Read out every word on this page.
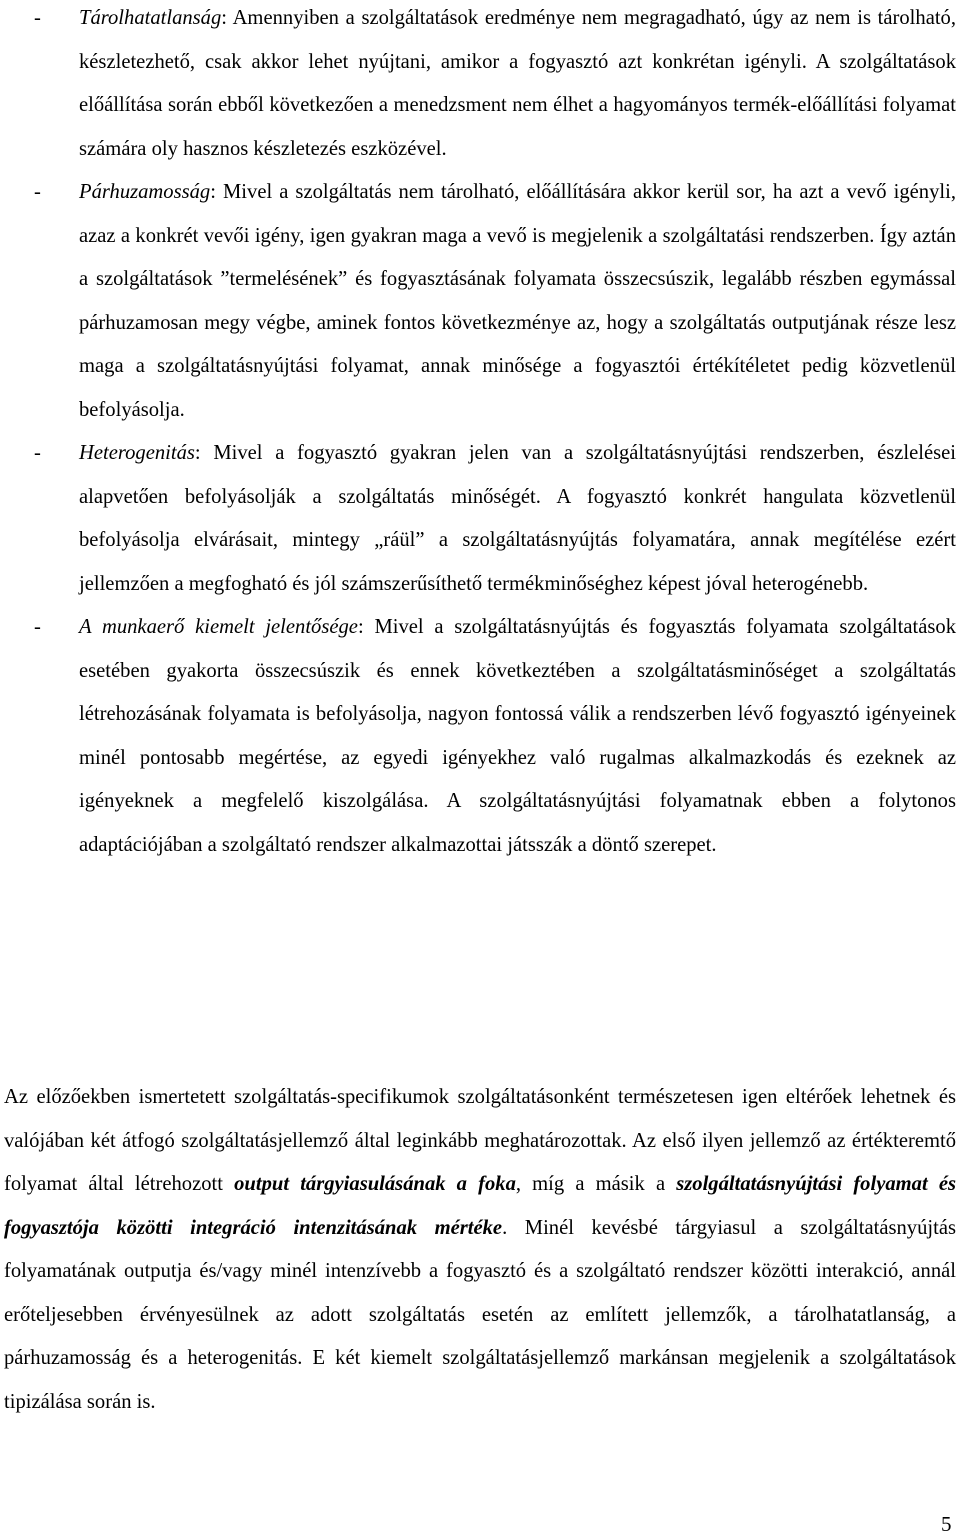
- Tárolhatatlanság: Amennyiben a szolgáltatások eredménye nem megragadható, úgy az nem is tárolható, készletezhető, csak akkor lehet nyújtani, amikor a fogyasztó azt konkrétan igényli. A szolgáltatások előállítása során ebből következően a menedzsment nem élhet a hagyományos termék-előállítási folyamat számára oly hasznos készletezés eszközével.
- Párhuzamosság: Mivel a szolgáltatás nem tárolható, előállítására akkor kerül sor, ha azt a vevő igényli, azaz a konkrét vevői igény, igen gyakran maga a vevő is megjelenik a szolgáltatási rendszerben. Így aztán a szolgáltatások ”termelésének” és fogyasztásának folyamata összecsúszik, legalább részben egymással párhuzamosan megy végbe, aminek fontos következménye az, hogy a szolgáltatás outputjának része lesz maga a szolgáltatásnyújtási folyamat, annak minősége a fogyasztói értékítéletet pedig közvetlenül befolyásolja.
- Heterogenitás: Mivel a fogyasztó gyakran jelen van a szolgáltatásnyújtási rendszerben, észlelései alapvetően befolyásolják a szolgáltatás minőségét. A fogyasztó konkrét hangulata közvetlenül befolyásolja elvárásait, mintegy „ráül” a szolgáltatásnyújtás folyamatára, annak megítélése ezért jellemzően a megfogható és jól számszerűsíthető termékminőséghez képest jóval heterogénebb.
- A munkaerő kiemelt jelentősége: Mivel a szolgáltatásnyújtás és fogyasztás folyamata szolgáltatások esetében gyakorta összecsúszik és ennek következtében a szolgáltatásminőséget a szolgáltatás létrehozásának folyamata is befolyásolja, nagyon fontossá válik a rendszerben lévő fogyasztó igényeinek minél pontosabb megértése, az egyedi igényekhez való rugalmas alkalmazkodás és ezeknek az igényeknek a megfelelő kiszolgálása. A szolgáltatásnyújtási folyamatnak ebben a folytonos adaptációjában a szolgáltató rendszer alkalmazottai játsszák a döntő szerepet.

Az előzőekben ismertetett szolgáltatás-specifikumok szolgáltatásonként természetesen igen eltérőek lehetnek és valójában két átfogó szolgáltatásjellemző által leginkább meghatározottak. Az első ilyen jellemző az értékteremtő folyamat által létrehozott output tárgyiasulásának a foka, míg a másik a szolgáltatásnyújtási folyamat és fogyasztója közötti integráció intenzitásának mértéke. Minél kevésbé tárgyiasul a szolgáltatásnyújtás folyamatának outputja és/vagy minél intenzívebb a fogyasztó és a szolgáltató rendszer közötti interakció, annál erőteljesebben érvényesülnek az adott szolgáltatás esetén az említett jellemzők, a tárolhatatlanság, a párhuzamosság és a heterogenitás. E két kiemelt szolgáltatásjellemző markánsan megjelenik a szolgáltatások tipizálása során is.

5
